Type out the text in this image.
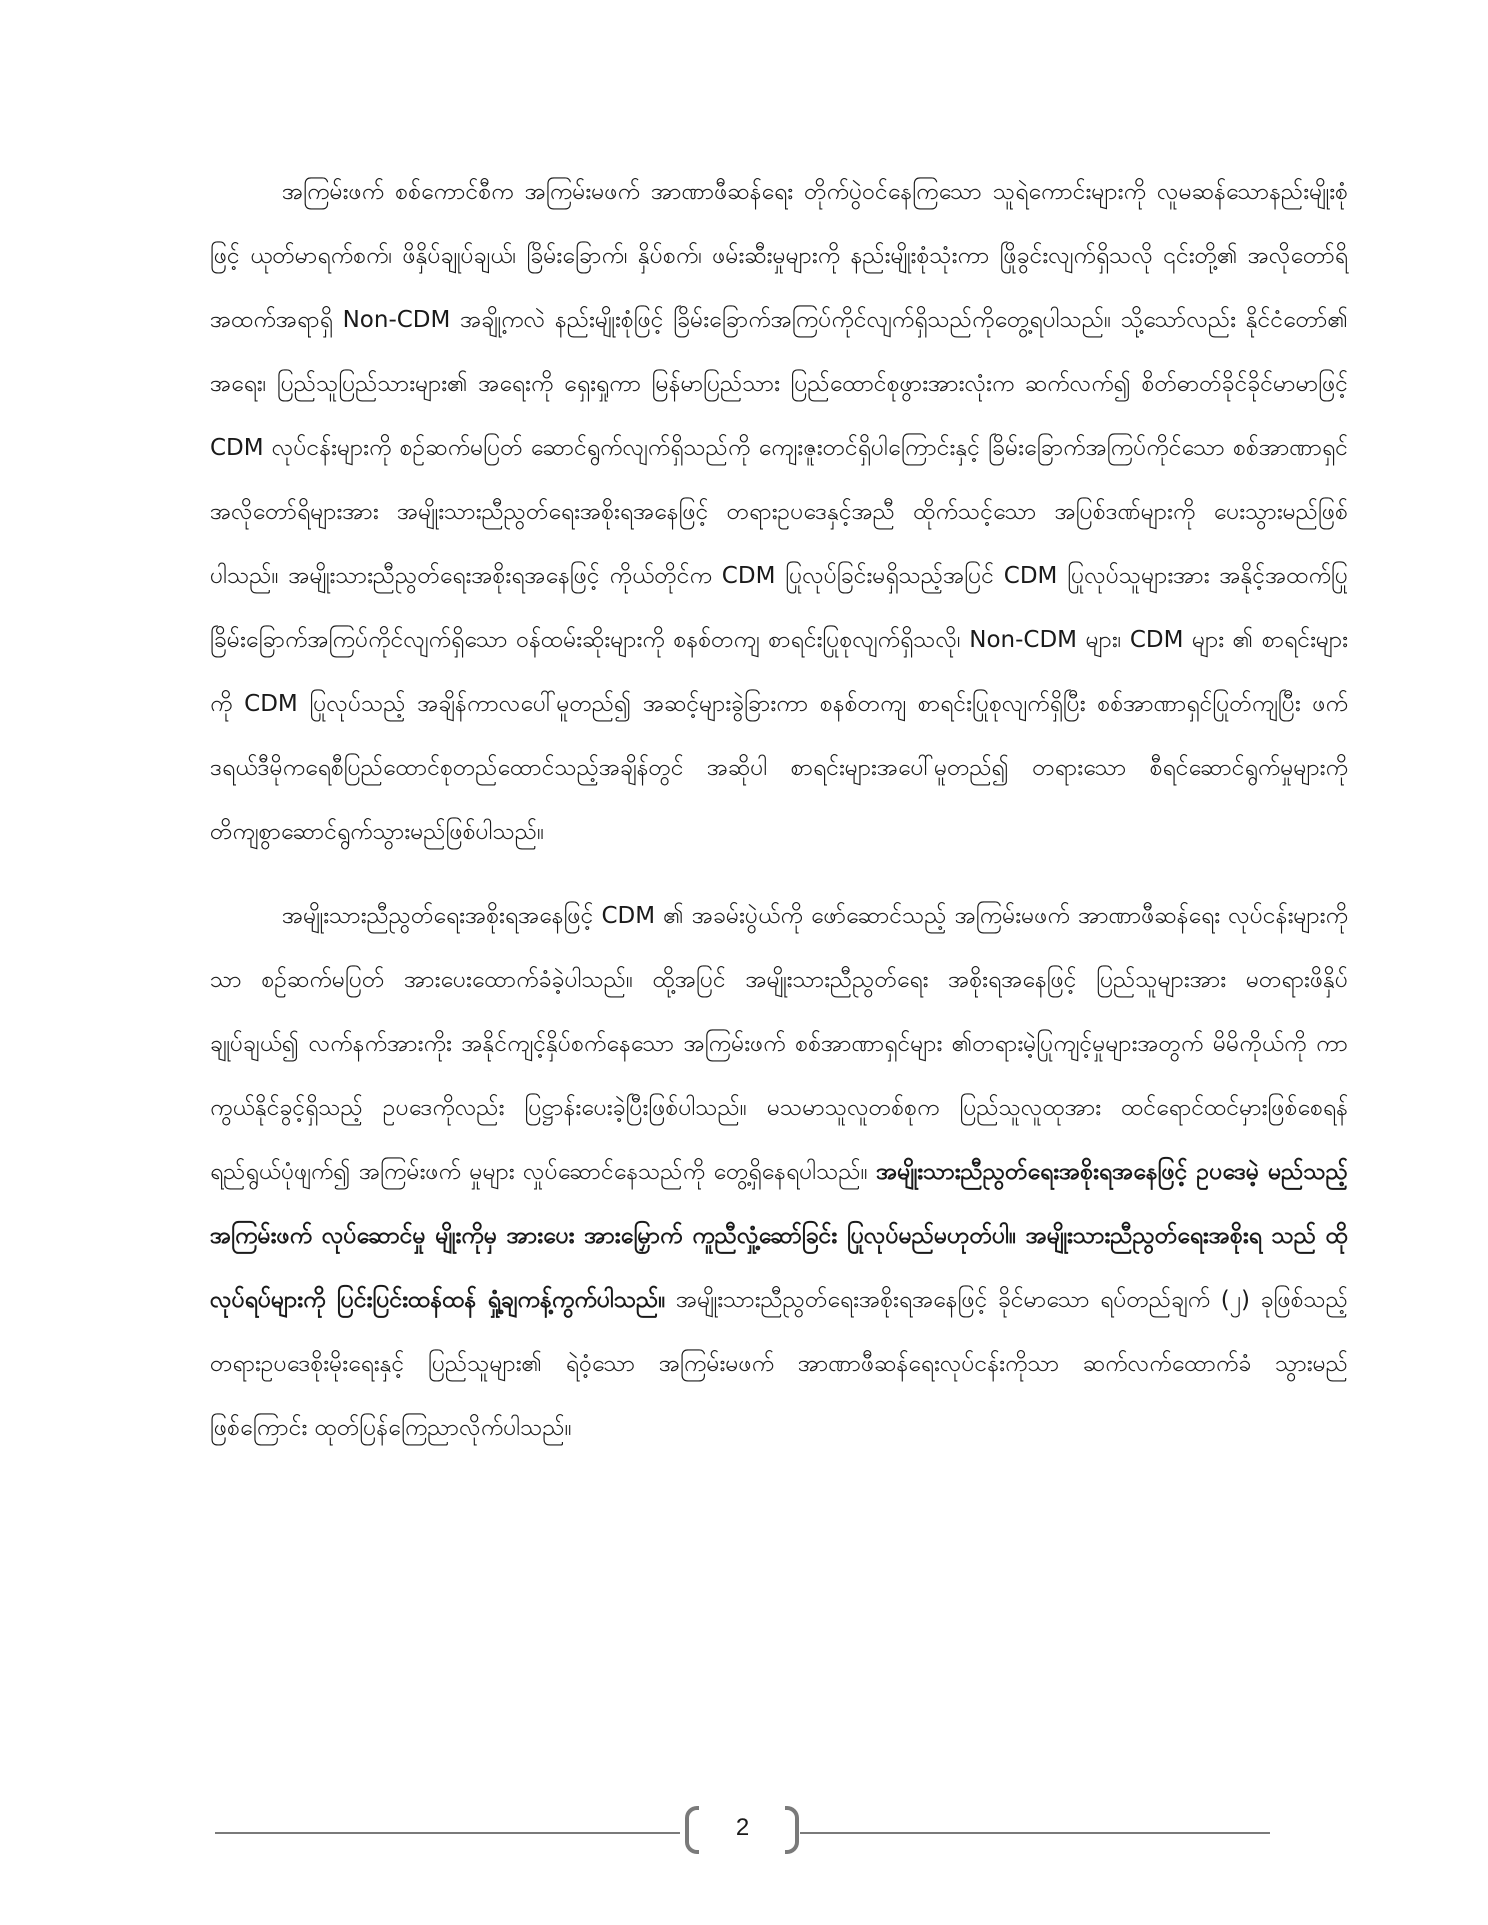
အကြမ်းဖက် စစ်ကောင်စီက အကြမ်းမဖက် အာဏာဖီဆန်ရေး တိုက်ပွဲဝင်နေကြသော သူရဲကောင်းများကို လူမဆန်သောနည်းမျိုးစုံဖြင့် ယုတ်မာရက်စက်၊ ဖိနှိပ်ချုပ်ချယ်၊ ခြိမ်းခြောက်၊ နှိပ်စက်၊ ဖမ်းဆီးမှုများကို နည်းမျိုးစုံသုံးကာ ဖြိုခွင်းလျက်ရှိသလို ၎င်းတို့၏ အလိုတော်ရိ အထက်အရာရှိ Non-CDM အချို့ကလဲ နည်းမျိုးစုံဖြင့် ခြိမ်းခြောက်အကြပ်ကိုင်လျက်ရှိသည်ကိုတွေ့ရပါသည်။ သို့သော်လည်း နိုင်ငံတော်၏ အရေး၊ ပြည်သူပြည်သားများ၏ အရေးကို ရှေးရှုကာ မြန်မာပြည်သား ပြည်ထောင်စုဖွားအားလုံးက ဆက်လက်၍ စိတ်ဓာတ်ခိုင်ခိုင်မာမာဖြင့် CDM လုပ်ငန်းများကို စဉ်ဆက်မပြတ် ဆောင်ရွက်လျက်ရှိသည်ကို ကျေးဇူးတင်ရှိပါကြောင်းနှင့် ခြိမ်းခြောက်အကြပ်ကိုင်သော စစ်အာဏာရှင် အလိုတော်ရိများအား အမျိုးသားညီညွတ်ရေးအစိုးရအနေဖြင့် တရားဥပဒေနှင့်အညီ ထိုက်သင့်သော အပြစ်ဒဏ်များကို ပေးသွားမည်ဖြစ်ပါသည်။ အမျိုးသားညီညွတ်ရေးအစိုးရအနေဖြင့် ကိုယ်တိုင်က CDM ပြုလုပ်ခြင်းမရှိသည့်အပြင် CDM ပြုလုပ်သူများအား အနိုင့်အထက်ပြု ခြိမ်းခြောက်အကြပ်ကိုင်လျက်ရှိသော ဝန်ထမ်းဆိုးများကို စနစ်တကျ စာရင်းပြုစုလျက်ရှိသလို၊ Non-CDM များ၊ CDM များ ၏ စာရင်းများကို CDM ပြုလုပ်သည့် အချိန်ကာလပေါ်မူတည်၍ အဆင့်များခွဲခြားကာ စနစ်တကျ စာရင်းပြုစုလျက်ရှိပြီး စစ်အာဏာရှင်ပြုတ်ကျပြီး ဖက်ဒရယ်ဒီမိုကရေစီပြည်ထောင်စုတည်ထောင်သည့်အချိန်တွင် အဆိုပါ စာရင်းများအပေါ်မူတည်၍ တရားသော စီရင်ဆောင်ရွက်မှုများကို တိကျစွာဆောင်ရွက်သွားမည်ဖြစ်ပါသည်။

အမျိုးသားညီညွတ်ရေးအစိုးရအနေဖြင့် CDM ၏ အခမ်းပွဲယ်ကို ဖော်ဆောင်သည့် အကြမ်းမဖက် အာဏာဖီဆန်ရေး လုပ်ငန်းများကိုသာ စဉ်ဆက်မပြတ် အားပေးထောက်ခံခဲ့ပါသည်။ ထို့အပြင် အမျိုးသားညီညွတ်ရေး အစိုးရအနေဖြင့် ပြည်သူများအား မတရားဖိနှိပ်ချုပ်ချယ်၍ လက်နက်အားကိုး အနိုင်ကျင့်နှိပ်စက်နေသော အကြမ်းဖက် စစ်အာဏာရှင်များ ၏တရားမဲ့ပြုကျင့်မှုများအတွက် မိမိကိုယ်ကို ကာကွယ်နိုင်ခွင့်ရှိသည့် ဥပဒေကိုလည်း ပြဋ္ဌာန်းပေးခဲ့ပြီးဖြစ်ပါသည်။ မသမာသူလူတစ်စုက ပြည်သူလူထုအား ထင်ရောင်ထင်မှားဖြစ်စေရန် ရည်ရွယ်ပုံဖျက်၍ အကြမ်းဖက် မှုများ လှုပ်ဆောင်နေသည်ကို တွေ့ရှိနေရပါသည်။ အမျိုးသားညီညွတ်ရေးအစိုးရအနေဖြင့် ဥပဒေမဲ့ မည်သည့် အကြမ်းဖက် လုပ်ဆောင်မှု မျိုးကိုမှ အားပေး အားမြှောက် ကူညီလှုံ့ဆော်ခြင်း ပြုလုပ်မည်မဟုတ်ပါ။ အမျိုးသားညီညွတ်ရေးအစိုးရ သည် ထိုလုပ်ရပ်များကို ပြင်းပြင်းထန်ထန် ရှုံ့ချကန့်ကွက်ပါသည်။ အမျိုးသားညီညွတ်ရေးအစိုးရအနေဖြင့် ခိုင်မာသော ရပ်တည်ချက် (၂) ခုဖြစ်သည့် တရားဥပဒေစိုးမိုးရေးနှင့် ပြည်သူများ၏ ရဲဝံ့သော အကြမ်းမဖက် အာဏာဖီဆန်ရေးလုပ်ငန်းကိုသာ ဆက်လက်ထောက်ခံ သွားမည် ဖြစ်ကြောင်း ထုတ်ပြန်ကြေညာလိုက်ပါသည်။

2
